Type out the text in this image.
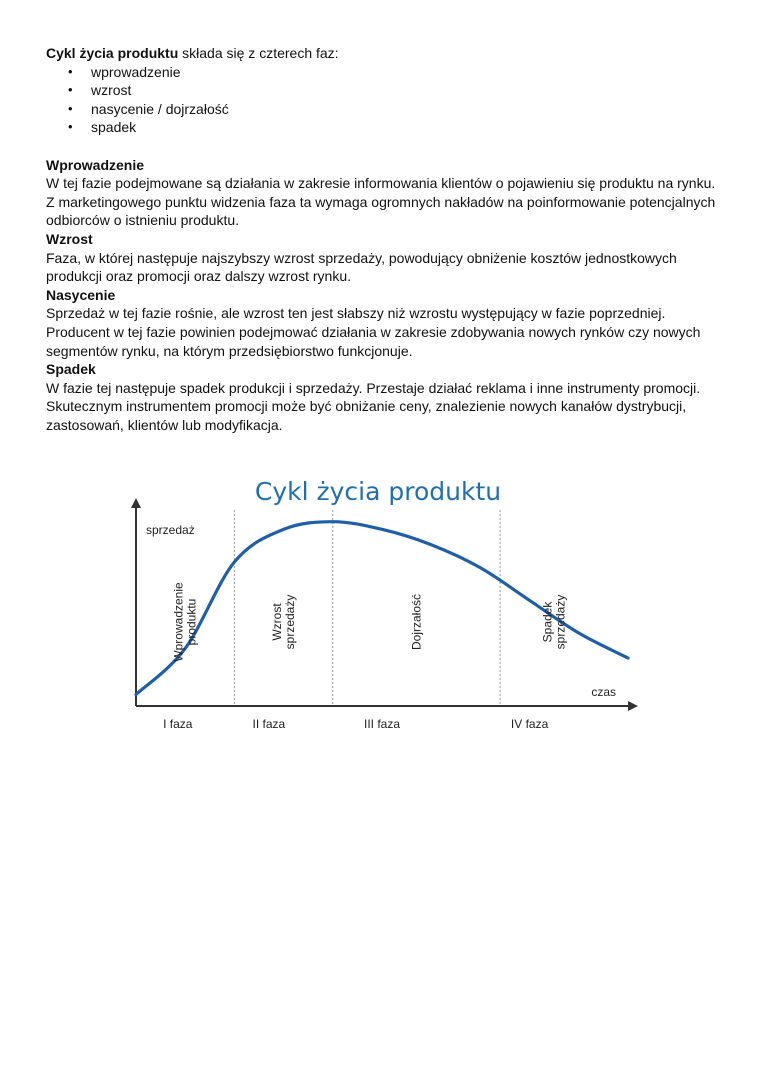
Cykl życia produktu składa się z czterech faz:

• wprowadzenie
• wzrost
• nasycenie / dojrzałość
• spadek
Wprowadzenie

W tej fazie podejmowane są działania w zakresie informowania klientów o pojawieniu się produktu na rynku. Z marketingowego punktu widzenia faza ta wymaga ogromnych nakładów na poinformowanie potencjalnych odbiorców o istnieniu produktu.

Wzrost

Faza, w której następuje najszybszy wzrost sprzedaży, powodujący obniżenie kosztów jednostkowych produkcji oraz promocji oraz dalszy wzrost rynku.

Nasycenie

Sprzedaż w tej fazie rośnie, ale wzrost ten jest słabszy niż wzrostu występujący w fazie poprzedniej. Producent w tej fazie powinien podejmować działania w zakresie zdobywania nowych rynków czy nowych segmentów rynku, na którym przedsiębiorstwo funkcjonuje.

Spadek

W fazie tej następuje spadek produkcji i sprzedaży. Przestaje działać reklama i inne instrumenty promocji. Skutecznym instrumentem promocji może być obniżanie ceny, znalezienie nowych kanałów dystrybucji, zastosowań, klientów lub modyfikacja.

Cykl życia produktu
sprzedaż
czas
Wprowadzenieproduktu	Wzrostsprzedaży	Dojrzałość	Spadeksprzedaży
I faza	II faza	III faza	IV faza
